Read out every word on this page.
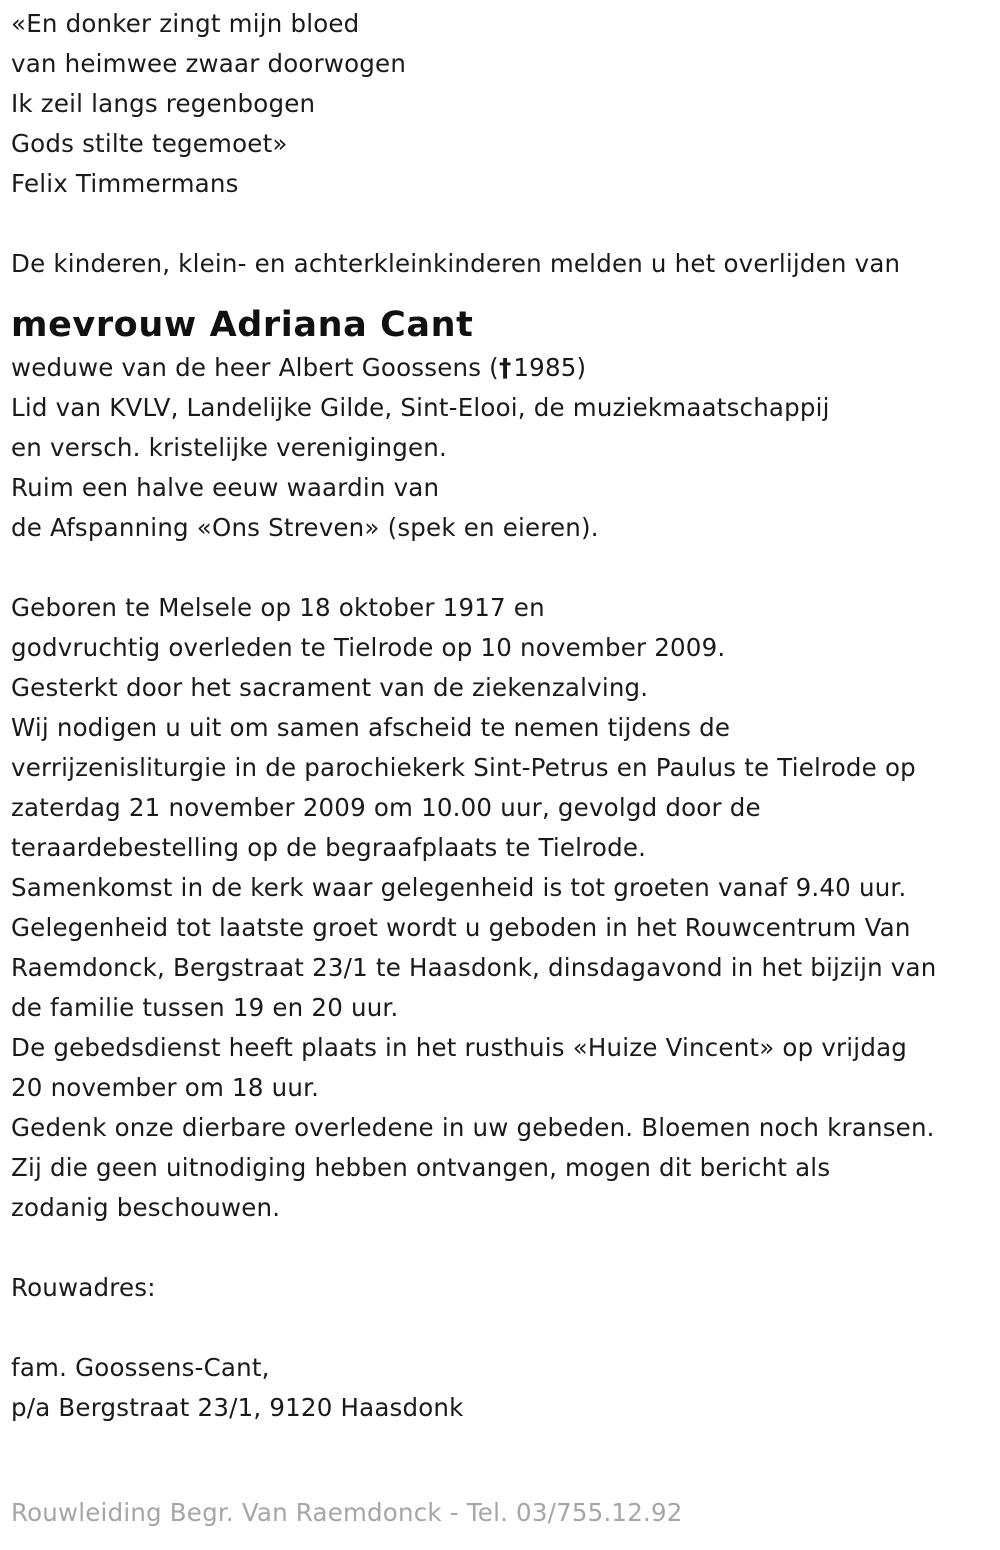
«En donker zingt mijn bloed
van heimwee zwaar doorwogen
Ik zeil langs regenbogen
Gods stilte tegemoet»
Felix Timmermans
De kinderen, klein- en achterkleinkinderen melden u het overlijden van
mevrouw Adriana Cant
weduwe van de heer Albert Goossens (†1985)
Lid van KVLV, Landelijke Gilde, Sint-Elooi, de muziekmaatschappij
en versch. kristelijke verenigingen.
Ruim een halve eeuw waardin van
de Afspanning «Ons Streven» (spek en eieren).
Geboren te Melsele op 18 oktober 1917 en
godvruchtig overleden te Tielrode op 10 november 2009.
Gesterkt door het sacrament van de ziekenzalving.
Wij nodigen u uit om samen afscheid te nemen tijdens de
verrijzenisliturgie in de parochiekerk Sint-Petrus en Paulus te Tielrode op
zaterdag 21 november 2009 om 10.00 uur, gevolgd door de
teraardebestelling op de begraafplaats te Tielrode.
Samenkomst in de kerk waar gelegenheid is tot groeten vanaf 9.40 uur.
Gelegenheid tot laatste groet wordt u geboden in het Rouwcentrum Van
Raemdonck, Bergstraat 23/1 te Haasdonk, dinsdagavond in het bijzijn van
de familie tussen 19 en 20 uur.
De gebedsdienst heeft plaats in het rusthuis «Huize Vincent» op vrijdag
20 november om 18 uur.
Gedenk onze dierbare overledene in uw gebeden. Bloemen noch kransen.
Zij die geen uitnodiging hebben ontvangen, mogen dit bericht als
zodanig beschouwen.
Rouwadres:
fam. Goossens-Cant,
p/a Bergstraat 23/1, 9120 Haasdonk
Rouwleiding Begr. Van Raemdonck - Tel. 03/755.12.92
